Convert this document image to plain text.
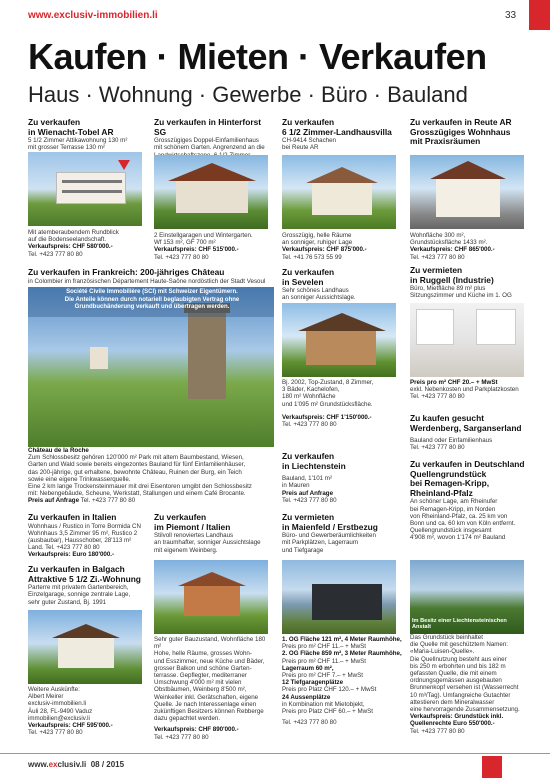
www.exclusiv-immobilien.li	33
Kaufen · Mieten · Verkaufen
Haus · Wohnung · Gewerbe · Büro · Bauland
Zu verkaufen
in Wienacht-Tobel AR
5 1/2 Zimmer Attikawohnung 130 m²
mit grosser Terrasse 130 m²
Mit atemberaubendem Rundblick
auf die Bodenseelandschaft.
Verkaufspreis: CHF 580'000.-
Tel. +423 777 80 80
Zu verkaufen in Hinterforst SG
Grosszügiges Doppel-Einfamilienhaus
mit schönem Garten. Angrenzend an die
2 Einstellgaragen und Wintergarten.
Wf 153 m², GF 700 m²
Verkaufspreis: CHF 515'000.-
Tel. +423 777 80 80
Zu verkaufen
6 1/2 Zimmer-Landhausvilla
CH-9414 Schachen
bei Reute AR
Grosszügig, helle Räume
an sonniger, ruhiger Lage
Verkaufspreis: CHF 875'000.-
Tel. +41 76 573 55 99
Zu verkaufen in Reute AR
Grosszügiges Wohnhaus
mit Praxisräumen
Wohnfläche 300 m²,
Grundstücksfläche 1433 m².
Verkaufspreis: CHF 865'000.-
Tel. +423 777 80 80
Zu verkaufen in Frankreich: 200-jähriges Château
in Colombier im französischen Département Haute-Saône nordöstlich der Stadt Vesoul
Société Civile Immobilière (SCI) mit Schweizer Eigentümern.
Die Anteile können durch notariell beglaubigten Vertrag ohne
Grundbuchänderung verkauft und übertragen werden.
Château de la Roche
Zum Schlossbesitz gehören 120'000 m² Park mit altem Baumbestand, Wiesen,
Garten und Wald sowie bereits eingezontes Bauland für fünf Einfamilienhäuser,
das 200-jährige, gut erhaltene, bewohnte Château, Ruinen der Burg, ein Teich
sowie eine eigene Trinkwasserquelle.
Eine 2 km lange Trockensteinmauer mit drei Eisentoren umgibt den Schlossbesitz
mit: Nebengebäude, Scheune, Werkstatt, Stallungen und einem Café Brocante.
Preis auf Anfrage Tel. +423 777 80 80
Zu verkaufen
in Sevelen
Sehr schönes Landhaus
an sonniger Aussichtslage.
Bj. 2002, Top-Zustand, 8 Zimmer,
3 Bäder, Kachelofen,
180 m² Wohnfläche
und 1'095 m² Grundstücksfläche.
Verkaufspreis: CHF 1'150'000.-
Tel. +423 777 80 80
Zu vermieten
in Ruggell (Industrie)
Büro, Mietfläche 89 m² plus
Sitzungszimmer und Küche im 1. OG
Preis pro m² CHF 20.– + MwSt
exkl. Nebenkosten und Parkplatzkosten
Tel. +423 777 80 80
Zu kaufen gesucht
Werdenberg, Sarganserland
Bauland oder Einfamilienhaus
Tel. +423 777 80 80
Zu verkaufen
in Liechtenstein
Bauland, 1'101 m²
in Mauren
Preis auf Anfrage
Tel. +423 777 80 80
Zu verkaufen in Deutschland
Quellengrundstück
bei Remagen-Kripp,
Rheinland-Pfalz
An schöner Lage, am Rheinufer
bei Remagen-Kripp, im Norden
von Rheinland-Pfalz, ca. 25 km von
Bonn und ca. 60 km von Köln entfernt.
Quellengrundstück insgesamt
4'908 m², wovon 1'174 m² Bauland
Im Besitz einer Liechtensteinischen Anstalt
Das Grundstück beinhaltet
die Quelle mit geschütztem Namen:
«Maria-Luisen-Quelle».
Die Quellnutzung besteht aus einer
bis 250 m erbohrten und bis 182 m
gefassten Quelle, die mit einem
ordnungsgemässen ausgebauten
Brunnenkopf versehen ist (Wasserrecht
10 m³/Tag). Umfangreiche Gutachter
attestieren dem Mineralwasser
eine hervorragende Zusammensetzung.
Verkaufspreis: Grundstück inkl.
Quellenrechte Euro 550'000.-
Tel. +423 777 80 80
Zu verkaufen in Italien
Wohnhaus / Rustico in Torre Bormida CN
Wohnhaus 3,5 Zimmer 95 m², Rustico 2
(ausbaubar), Hausschober, 28'113 m²
Land. Tel. +423 777 80 80
Verkaufspreis: Euro 180'000.-
Zu verkaufen
im Piemont / Italien
Stilvoll renoviertes Landhaus
an traumhafter, sonniger Aussichtslage
mit eigenem Weinberg.
Sehr guter Bauzustand, Wohnfläche 180 m²
Hohe, helle Räume, grosses Wohn-
und Esszimmer, neue Küche und Bäder,
grosser Balkon und schöne Garten-
terrasse. Gepflegter, mediterraner
Umschwung 4'000 m² mit vielen
Obstbäumen, Weinberg 8'500 m²,
Weinkeller inkl. Gerätschaften, eigene
Quelle. Je nach Interessenlage einen
zukünftigen Besitzers können Rebberge
dazu gepachtet werden.
Verkaufspreis: CHF 890'000.-
Tel. +423 777 80 80
Zu vermieten
in Maienfeld / Erstbezug
Büro- und Gewerberäumlichkeiten
mit Parkplätzen, Lagerraum
und Tiefgarage
1. OG Fläche 121 m², 4 Meter Raumhöhe,
Preis pro m² CHF 11.– + MwSt
2. OG Fläche 859 m², 3 Meter Raumhöhe,
Preis pro m² CHF 11.– + MwSt
Lagerraum 60 m²,
Preis pro m² CHF 7.– + MwSt
12 Tiefgaragenplätze
Preis pro Platz CHF 120.– + MwSt
24 Aussenplätze
in Kombination mit Mietobjekt,
Preis pro Platz CHF 60.– + MwSt
Tel. +423 777 80 80
Zu verkaufen in Balgach
Attraktive 5 1/2 Zi.-Wohnung
Parterre mit privatem Gartenbereich,
Einzelgarage, sonnige zentrale Lage,
sehr guter Zustand, Bj. 1991
Weitere Auskünfte:
Albert Meirer
exclusiv-immobilien.li
Äuli 28, FL-9490 Vaduz
immobilien@exclusiv.li
Verkaufspreis: CHF 595'000.-
Tel. +423 777 80 80
www.exclusiv.li 08 / 2015
